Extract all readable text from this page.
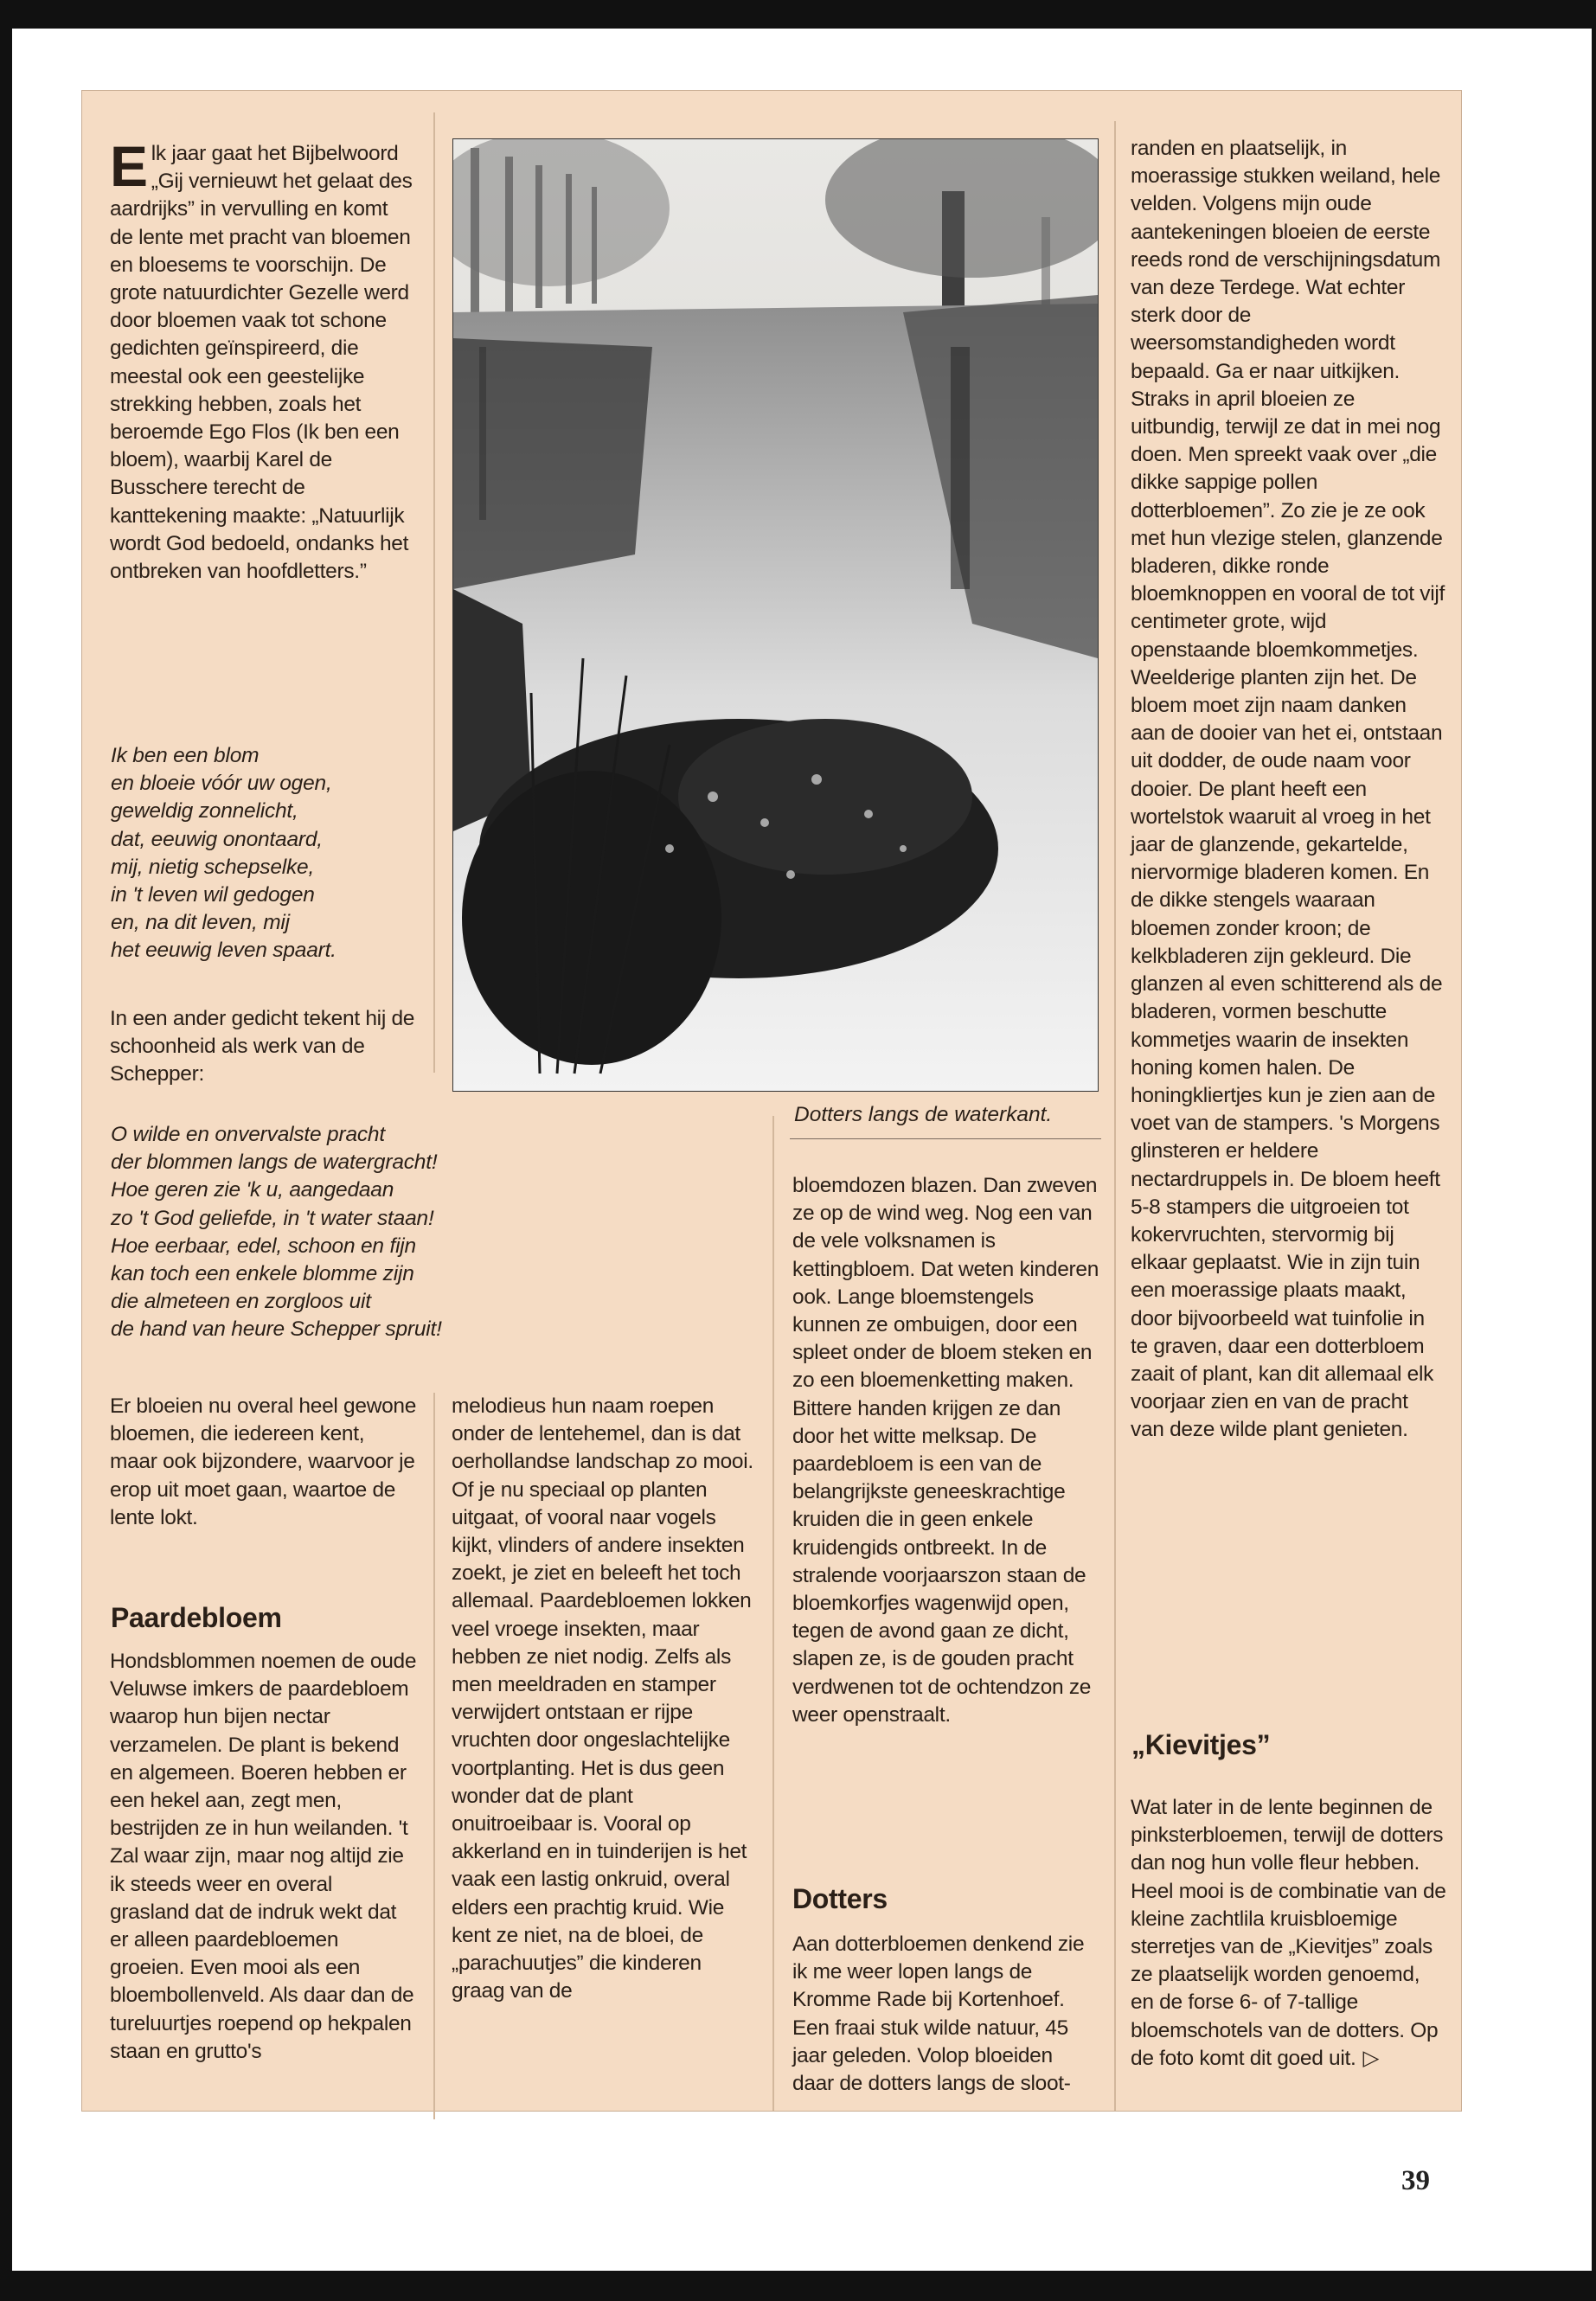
E lk jaar gaat het Bijbelwoord „Gij vernieuwt het gelaat des aardrijks” in vervulling en komt de lente met pracht van bloemen en bloesems te voorschijn. De grote natuurdichter Gezelle werd door bloemen vaak tot schone gedichten geïnspireerd, die meestal ook een geestelijke strekking hebben, zoals het beroemde Ego Flos (Ik ben een bloem), waarbij Karel de Busschere terecht de kanttekening maakte: „Natuurlijk wordt God bedoeld, ondanks het ontbreken van hoofdletters.”
Ik ben een blom
en bloeie vóór uw ogen,
geweldig zonnelicht,
dat, eeuwig onontaard,
mij, nietig schepselke,
in 't leven wil gedogen
en, na dit leven, mij
het eeuwig leven spaart.

In een ander gedicht tekent hij de schoonheid als werk van de Schepper:

Dotters langs de waterkant.
O wilde en onvervalste pracht
der blommen langs de watergracht!
Hoe geren zie 'k u, aangedaan
zo 't God geliefde, in 't water staan!
Hoe eerbaar, edel, schoon en fijn
kan toch een enkele blomme zijn
die almeteen en zorgloos uit
de hand van heure Schepper spruit!

Er bloeien nu overal heel gewone bloemen, die iedereen kent, maar ook bijzondere, waarvoor je erop uit moet gaan, waartoe de lente lokt.

Paardebloem

Hondsblommen noemen de oude Veluwse imkers de paardebloem waarop hun bijen nectar verzamelen. De plant is bekend en algemeen. Boeren hebben er een hekel aan, zegt men, bestrijden ze in hun weilanden. 't Zal waar zijn, maar nog altijd zie ik steeds weer en overal grasland dat de indruk wekt dat er alleen paardebloemen groeien. Even mooi als een bloembollenveld. Als daar dan de tureluurtjes roepend op hekpalen staan en grutto's

melodieus hun naam roepen onder de lentehemel, dan is dat oerhollandse landschap zo mooi. Of je nu speciaal op planten uitgaat, of vooral naar vogels kijkt, vlinders of andere insekten zoekt, je ziet en beleeft het toch allemaal. Paardebloemen lokken veel vroege insekten, maar hebben ze niet nodig. Zelfs als men meeldraden en stamper verwijdert ontstaan er rijpe vruchten door ongeslachtelijke voortplanting. Het is dus geen wonder dat de plant onuitroeibaar is. Vooral op akkerland en in tuinderijen is het vaak een lastig onkruid, overal elders een prachtig kruid. Wie kent ze niet, na de bloei, de „parachuutjes” die kinderen graag van de

bloemdozen blazen. Dan zweven ze op de wind weg. Nog een van de vele volksnamen is kettingbloem. Dat weten kinderen ook. Lange bloemstengels kunnen ze ombuigen, door een spleet onder de bloem steken en zo een bloemenketting maken. Bittere handen krijgen ze dan door het witte melksap. De paardebloem is een van de belangrijkste geneeskrachtige kruiden die in geen enkele kruidengids ontbreekt. In de stralende voorjaarszon staan de bloemkorfjes wagenwijd open, tegen de avond gaan ze dicht, slapen ze, is de gouden pracht verdwenen tot de ochtendzon ze weer openstraalt.

Dotters

Aan dotterbloemen denkend zie ik me weer lopen langs de Kromme Rade bij Kortenhoef. Een fraai stuk wilde natuur, 45 jaar geleden. Volop bloeiden daar de dotters langs de sloot-

randen en plaatselijk, in moerassige stukken weiland, hele velden. Volgens mijn oude aantekeningen bloeien de eerste reeds rond de verschijningsdatum van deze Terdege. Wat echter sterk door de weersomstandigheden wordt bepaald. Ga er naar uitkijken. Straks in april bloeien ze uitbundig, terwijl ze dat in mei nog doen. Men spreekt vaak over „die dikke sappige pollen dotterbloemen”. Zo zie je ze ook met hun vlezige stelen, glanzende bladeren, dikke ronde bloemknoppen en vooral de tot vijf centimeter grote, wijd openstaande bloemkommetjes. Weelderige planten zijn het. De bloem moet zijn naam danken aan de dooier van het ei, ontstaan uit dodder, de oude naam voor dooier. De plant heeft een wortelstok waaruit al vroeg in het jaar de glanzende, gekartelde, niervormige bladeren komen. En de dikke stengels waaraan bloemen zonder kroon; de kelkbladeren zijn gekleurd. Die glanzen al even schitterend als de bladeren, vormen beschutte kommetjes waarin de insekten honing komen halen. De honingkliertjes kun je zien aan de voet van de stampers. 's Morgens glinsteren er heldere nectardruppels in. De bloem heeft 5-8 stampers die uitgroeien tot kokervruchten, stervormig bij elkaar geplaatst. Wie in zijn tuin een moerassige plaats maakt, door bijvoorbeeld wat tuinfolie in te graven, daar een dotterbloem zaait of plant, kan dit allemaal elk voorjaar zien en van de pracht van deze wilde plant genieten.

„Kievitjes”

Wat later in de lente beginnen de pinksterbloemen, terwijl de dotters dan nog hun volle fleur hebben. Heel mooi is de combinatie van de kleine zachtlila kruisbloemige sterretjes van de „Kievitjes” zoals ze plaatselijk worden genoemd, en de forse 6- of 7-tallige bloemschotels van de dotters. Op de foto komt dit goed uit. ▷

39
